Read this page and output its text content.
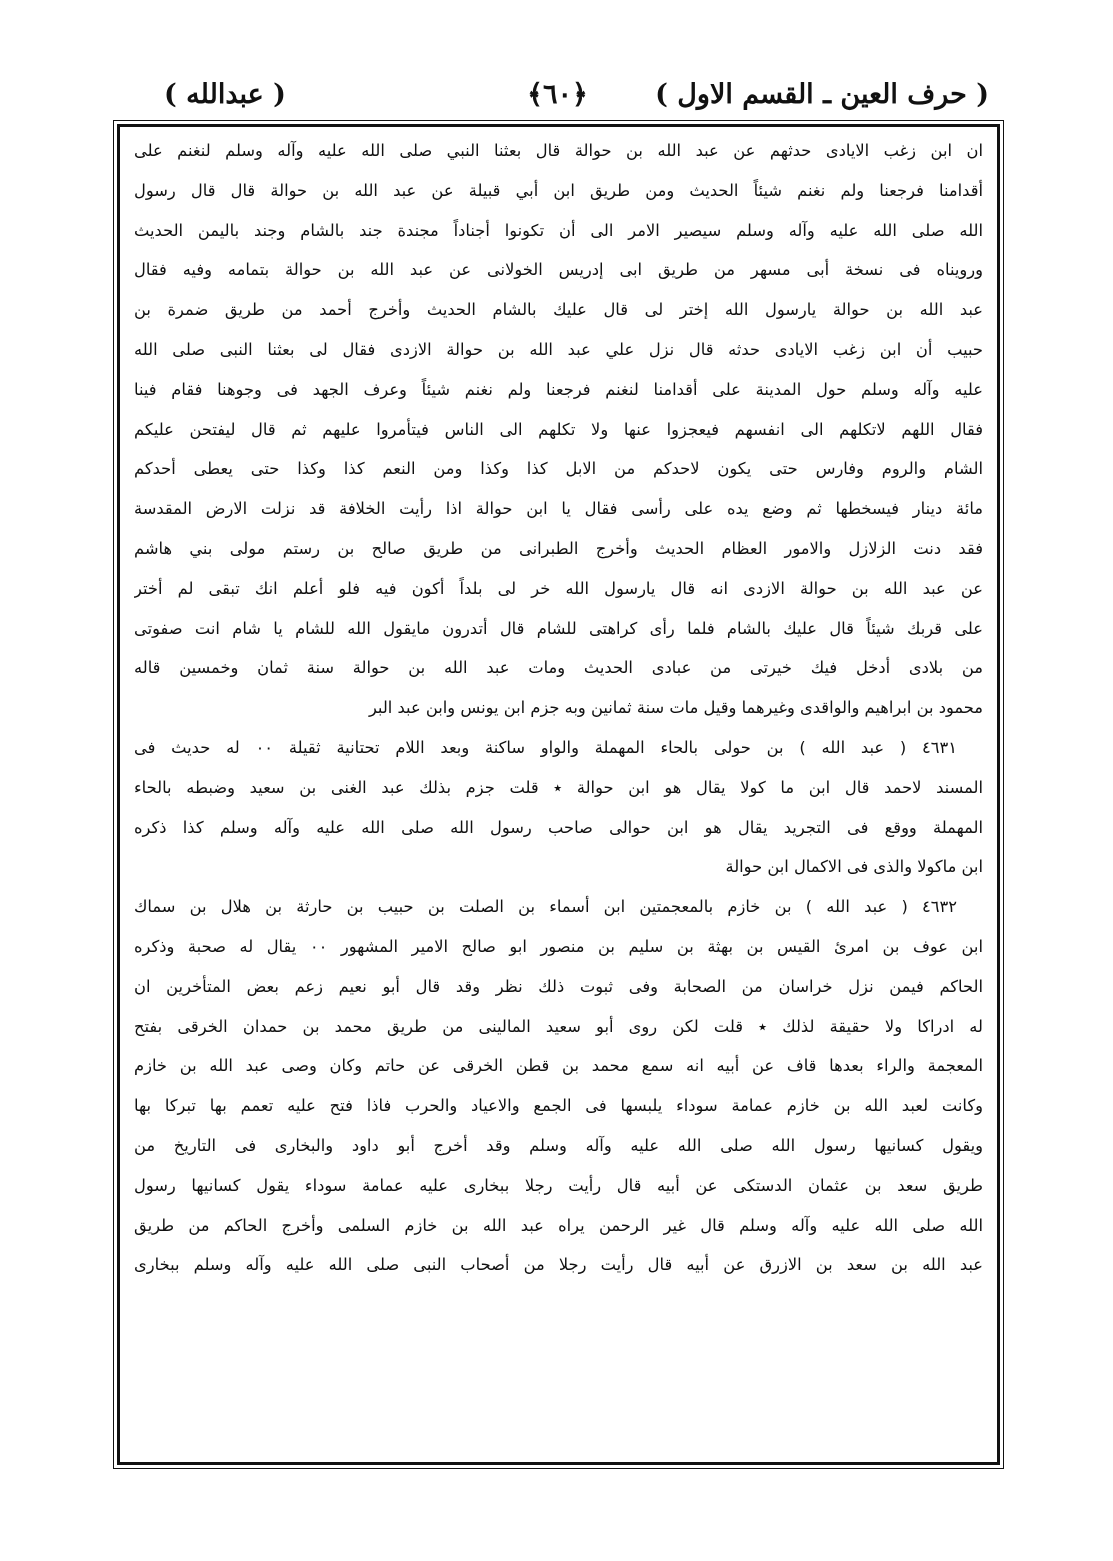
( حرف العين ـ القسم الاول )
﴿٦٠﴾
( عبدالله )
ان ابن زغب الايادى حدثهم عن عبد الله بن حوالة قال بعثنا النبي صلى الله عليه وآله وسلم لنغنم على
أقدامنا فرجعنا ولم نغنم شيئاً الحديث ومن طريق ابن أبي قبيلة عن عبد الله بن حوالة قال قال رسول
الله صلى الله عليه وآله وسلم سيصير الامر الى أن تكونوا أجناداً مجندة جند بالشام وجند باليمن الحديث
ورويناه فى نسخة أبى مسهر من طريق ابى إدريس الخولانى عن عبد الله بن حوالة بتمامه وفيه فقال
عبد الله بن حوالة يارسول الله إختر لى قال عليك بالشام الحديث وأخرج أحمد من طريق ضمرة بن
حبيب أن ابن زغب الايادى حدثه قال نزل علي عبد الله بن حوالة الازدى فقال لى بعثنا النبى صلى الله
عليه وآله وسلم حول المدينة على أقدامنا لنغنم فرجعنا ولم نغنم شيئاً وعرف الجهد فى وجوهنا فقام فينا
فقال اللهم لاتكلهم الى انفسهم فيعجزوا عنها ولا تكلهم الى الناس فيتأمروا عليهم ثم قال ليفتحن عليكم
الشام والروم وفارس حتى يكون لاحدكم من الابل كذا وكذا ومن النعم كذا وكذا حتى يعطى أحدكم
مائة دينار فيسخطها ثم وضع يده على رأسى فقال يا ابن حوالة اذا رأيت الخلافة قد نزلت الارض المقدسة
فقد دنت الزلازل والامور العظام الحديث وأخرج الطبرانى من طريق صالح بن رستم مولى بني هاشم
عن عبد الله بن حوالة الازدى انه قال يارسول الله خر لى بلداً أكون فيه فلو أعلم انك تبقى لم أختر
على قربك شيئاً قال عليك بالشام فلما رأى كراهتى للشام قال أتدرون مايقول الله للشام يا شام انت صفوتى
من بلادى أدخل فيك خيرتى من عبادى الحديث ومات عبد الله بن حوالة سنة ثمان وخمسين قاله
محمود بن ابراهيم والواقدى وغيرهما وقيل مات سنة ثمانين وبه جزم ابن يونس وابن عبد البر
٤٦٣١ ( عبد الله ) بن حولى بالحاء المهملة والواو ساكنة وبعد اللام تحتانية ثقيلة ٠٠ له حديث فى
المسند لاحمد قال ابن ما كولا يقال هو ابن حوالة ٭ قلت جزم بذلك عبد الغنى بن سعيد وضبطه بالحاء
المهملة ووقع فى التجريد يقال هو ابن حوالى صاحب رسول الله صلى الله عليه وآله وسلم كذا ذكره
ابن ماكولا والذى فى الاكمال ابن حوالة
٤٦٣٢ ( عبد الله ) بن خازم بالمعجمتين ابن أسماء بن الصلت بن حبيب بن حارثة بن هلال بن سماك
ابن عوف بن امرئ القيس بن بهثة بن سليم بن منصور ابو صالح الامير المشهور ٠٠ يقال له صحبة وذكره
الحاكم فيمن نزل خراسان من الصحابة وفى ثبوت ذلك نظر وقد قال أبو نعيم زعم بعض المتأخرين ان
له ادراكا ولا حقيقة لذلك ٭ قلت لكن روى أبو سعيد المالينى من طريق محمد بن حمدان الخرقى بفتح
المعجمة والراء بعدها قاف عن أبيه انه سمع محمد بن قطن الخرقى عن حاتم وكان وصى عبد الله بن خازم
وكانت لعبد الله بن خازم عمامة سوداء يلبسها فى الجمع والاعياد والحرب فاذا فتح عليه تعمم بها تبركا بها
ويقول كسانيها رسول الله صلى الله عليه وآله وسلم وقد أخرج أبو داود والبخارى فى التاريخ من
طريق سعد بن عثمان الدستكى عن أبيه قال رأيت رجلا ببخارى عليه عمامة سوداء يقول كسانيها رسول
الله صلى الله عليه وآله وسلم قال غير الرحمن يراه عبد الله بن خازم السلمى وأخرج الحاكم من طريق
عبد الله بن سعد بن الازرق عن أبيه قال رأيت رجلا من أصحاب النبى صلى الله عليه وآله وسلم ببخارى
